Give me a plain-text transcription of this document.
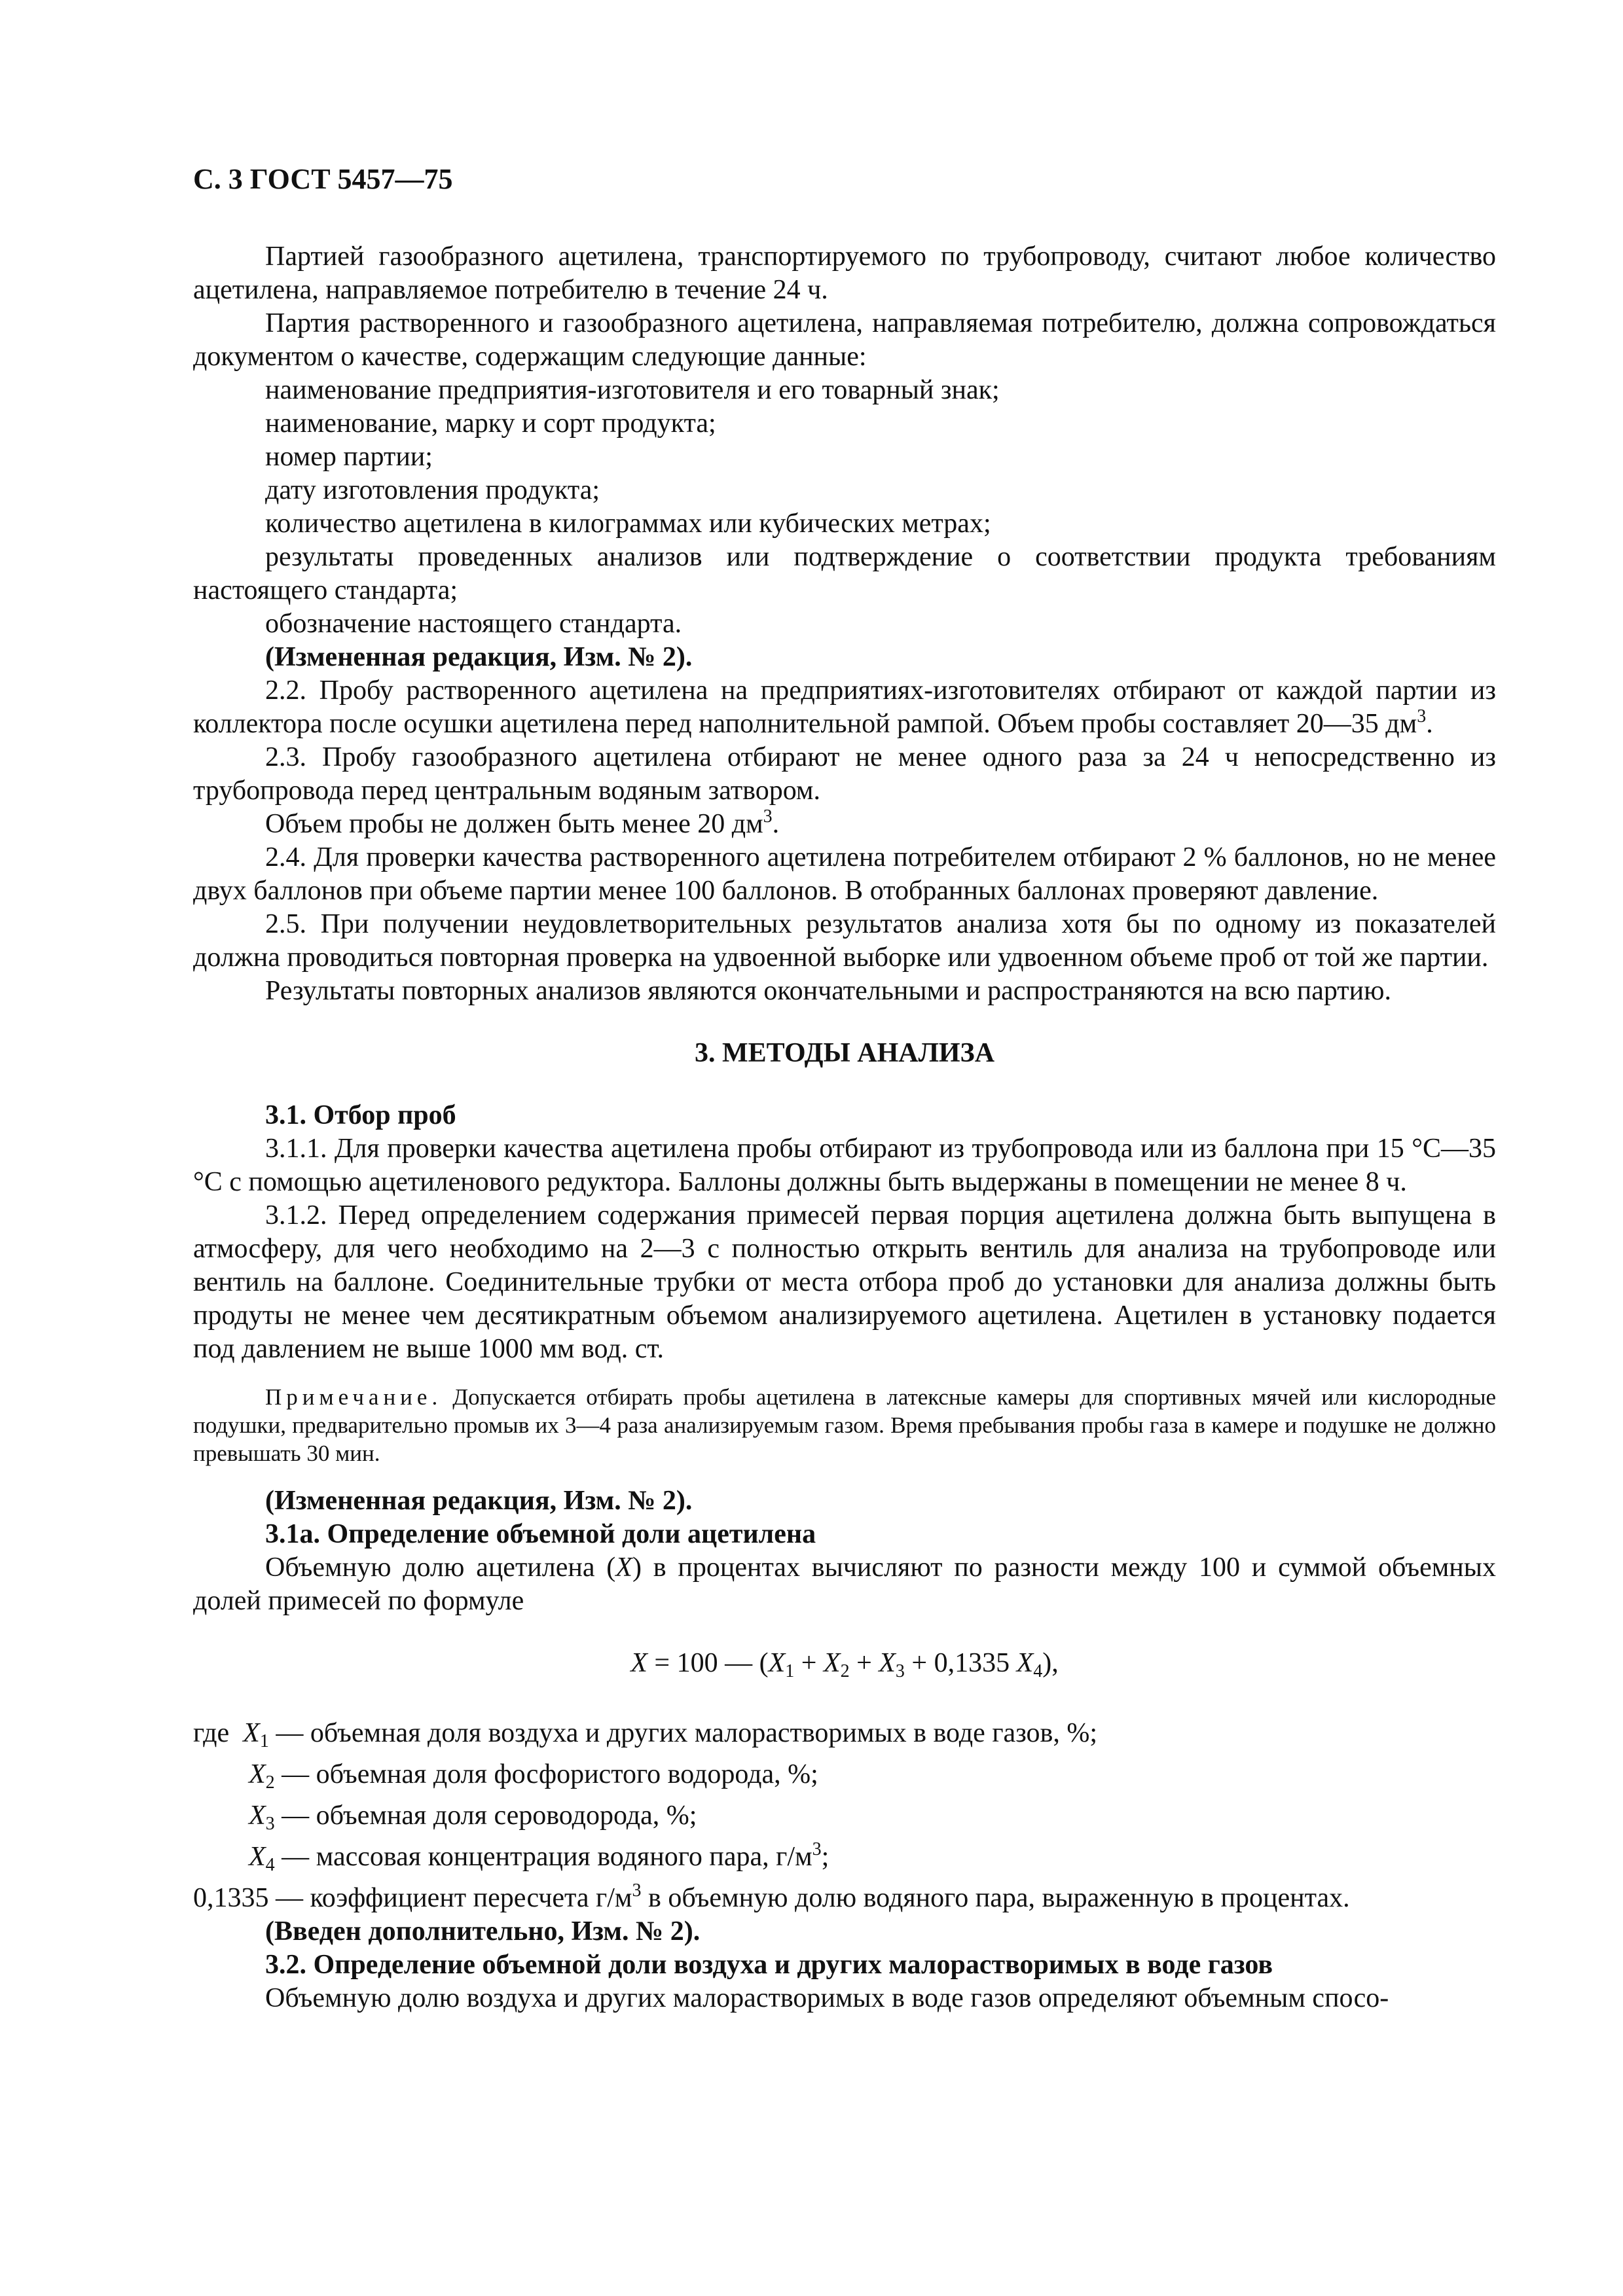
С. 3 ГОСТ 5457—75

Партией газообразного ацетилена, транспортируемого по трубопроводу, считают любое количество ацетилена, направляемое потребителю в течение 24 ч.

Партия растворенного и газообразного ацетилена, направляемая потребителю, должна сопровождаться документом о качестве, содержащим следующие данные:

наименование предприятия-изготовителя и его товарный знак;

наименование, марку и сорт продукта;

номер партии;

дату изготовления продукта;

количество ацетилена в килограммах или кубических метрах;

результаты проведенных анализов или подтверждение о соответствии продукта требованиям настоящего стандарта;

обозначение настоящего стандарта.

(Измененная редакция, Изм. № 2).

2.2. Пробу растворенного ацетилена на предприятиях-изготовителях отбирают от каждой партии из коллектора после осушки ацетилена перед наполнительной рампой. Объем пробы составляет 20—35 $дм^3$.

2.3. Пробу газообразного ацетилена отбирают не менее одного раза за 24 ч непосредственно из трубопровода перед центральным водяным затвором.

Объем пробы не должен быть менее 20 $дм^3$.

2.4. Для проверки качества растворенного ацетилена потребителем отбирают 2 % баллонов, но не менее двух баллонов при объеме партии менее 100 баллонов. В отобранных баллонах проверяют давление.

2.5. При получении неудовлетворительных результатов анализа хотя бы по одному из показателей должна проводиться повторная проверка на удвоенной выборке или удвоенном объеме проб от той же партии.

Результаты повторных анализов являются окончательными и распространяются на всю партию.

3. МЕТОДЫ АНАЛИЗА

3.1. Отбор проб

3.1.1. Для проверки качества ацетилена пробы отбирают из трубопровода или из баллона при 15 °С—35 °С с помощью ацетиленового редуктора. Баллоны должны быть выдержаны в помещении не менее 8 ч.

3.1.2. Перед определением содержания примесей первая порция ацетилена должна быть выпущена в атмосферу, для чего необходимо на 2—3 с полностью открыть вентиль для анализа на трубопроводе или вентиль на баллоне. Соединительные трубки от места отбора проб до установки для анализа должны быть продуты не менее чем десятикратным объемом анализируемого ацетилена. Ацетилен в установку подается под давлением не выше 1000 мм вод. ст.

Примечание. Допускается отбирать пробы ацетилена в латексные камеры для спортивных мячей или кислородные подушки, предварительно промыв их 3—4 раза анализируемым газом. Время пребывания пробы газа в камере и подушке не должно превышать 30 мин.

(Измененная редакция, Изм. № 2).

3.1а. Определение объемной доли ацетилена

Объемную долю ацетилена (X) в процентах вычисляют по разности между 100 и суммой объемных долей примесей по формуле

X = 100 — ($X_1 + X_2 + X_3 + 0,1335$ $X_4$),

где $X_1$ — объемная доля воздуха и других малорастворимых в воде газов, %;

$X_2$ — объемная доля фосфористого водорода, %;

$X_3$ — объемная доля сероводорода, %;

$X_4$ — массовая концентрация водяного пара, $г/м^3$;

0,1335 — коэффициент пересчета $г/м^3$ в объемную долю водяного пара, выраженную в процентах.

(Введен дополнительно, Изм. № 2).

3.2. Определение объемной доли воздуха и других малорастворимых в воде газов

Объемную долю воздуха и других малорастворимых в воде газов определяют объемным спосо-
